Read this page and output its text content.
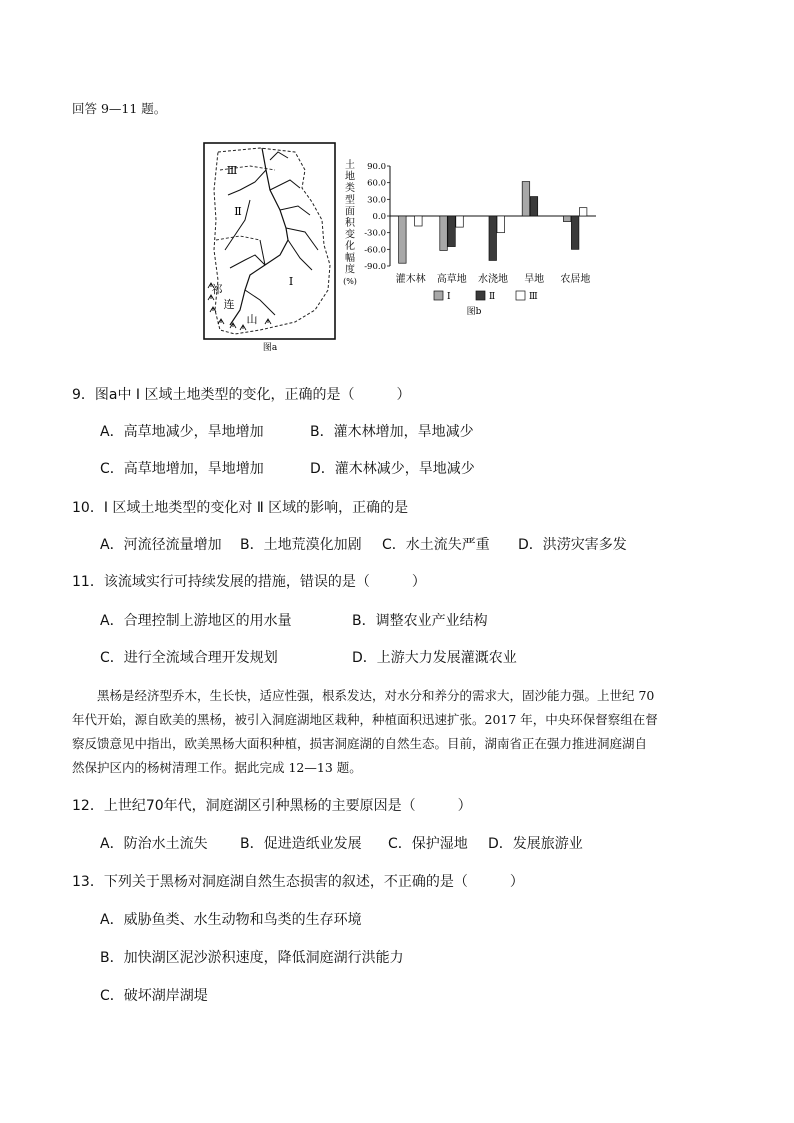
回答 9—11 题。
Ⅲ
Ⅱ
Ⅰ
祁
连
山
图a
土
地
类
型
面
积
变
化
幅
度
(%)
90.0
60.0
30.0
0.0
-30.0
-60.0
-90.0
灌木林 高草地 水浇地 旱地 农居地
Ⅰ	Ⅱ	Ⅲ
图b
9．图a中 Ⅰ 区域土地类型的变化，正确的是（　　　）
A．高草地减少，旱地增加	B．灌木林增加，旱地减少
C．高草地增加，旱地增加	D．灌木林减少，旱地减少
10．Ⅰ 区域土地类型的变化对 Ⅱ 区域的影响，正确的是
A．河流径流量增加 B．土地荒漠化加剧 C．水土流失严重 D．洪涝灾害多发
11．该流域实行可持续发展的措施，错误的是（　　　）
A．合理控制上游地区的用水量	B．调整农业产业结构
C．进行全流域合理开发规划	D．上游大力发展灌溉农业
　　黑杨是经济型乔木，生长快，适应性强，根系发达，对水分和养分的需求大，固沙能力强。上世纪 70
年代开始，源自欧美的黑杨，被引入洞庭湖地区栽种，种植面积迅速扩张。2017 年，中央环保督察组在督
察反馈意见中指出，欧美黑杨大面积种植，损害洞庭湖的自然生态。目前，湖南省正在强力推进洞庭湖自
然保护区内的杨树清理工作。据此完成 12—13 题。
12．上世纪70年代，洞庭湖区引种黑杨的主要原因是（　　　）
A．防治水土流失 B．促进造纸业发展 C．保护湿地 D．发展旅游业
13．下列关于黑杨对洞庭湖自然生态损害的叙述，不正确的是（　　　）
A．威胁鱼类、水生动物和鸟类的生存环境
B．加快湖区泥沙淤积速度，降低洞庭湖行洪能力
C．破坏湖岸湖堤
